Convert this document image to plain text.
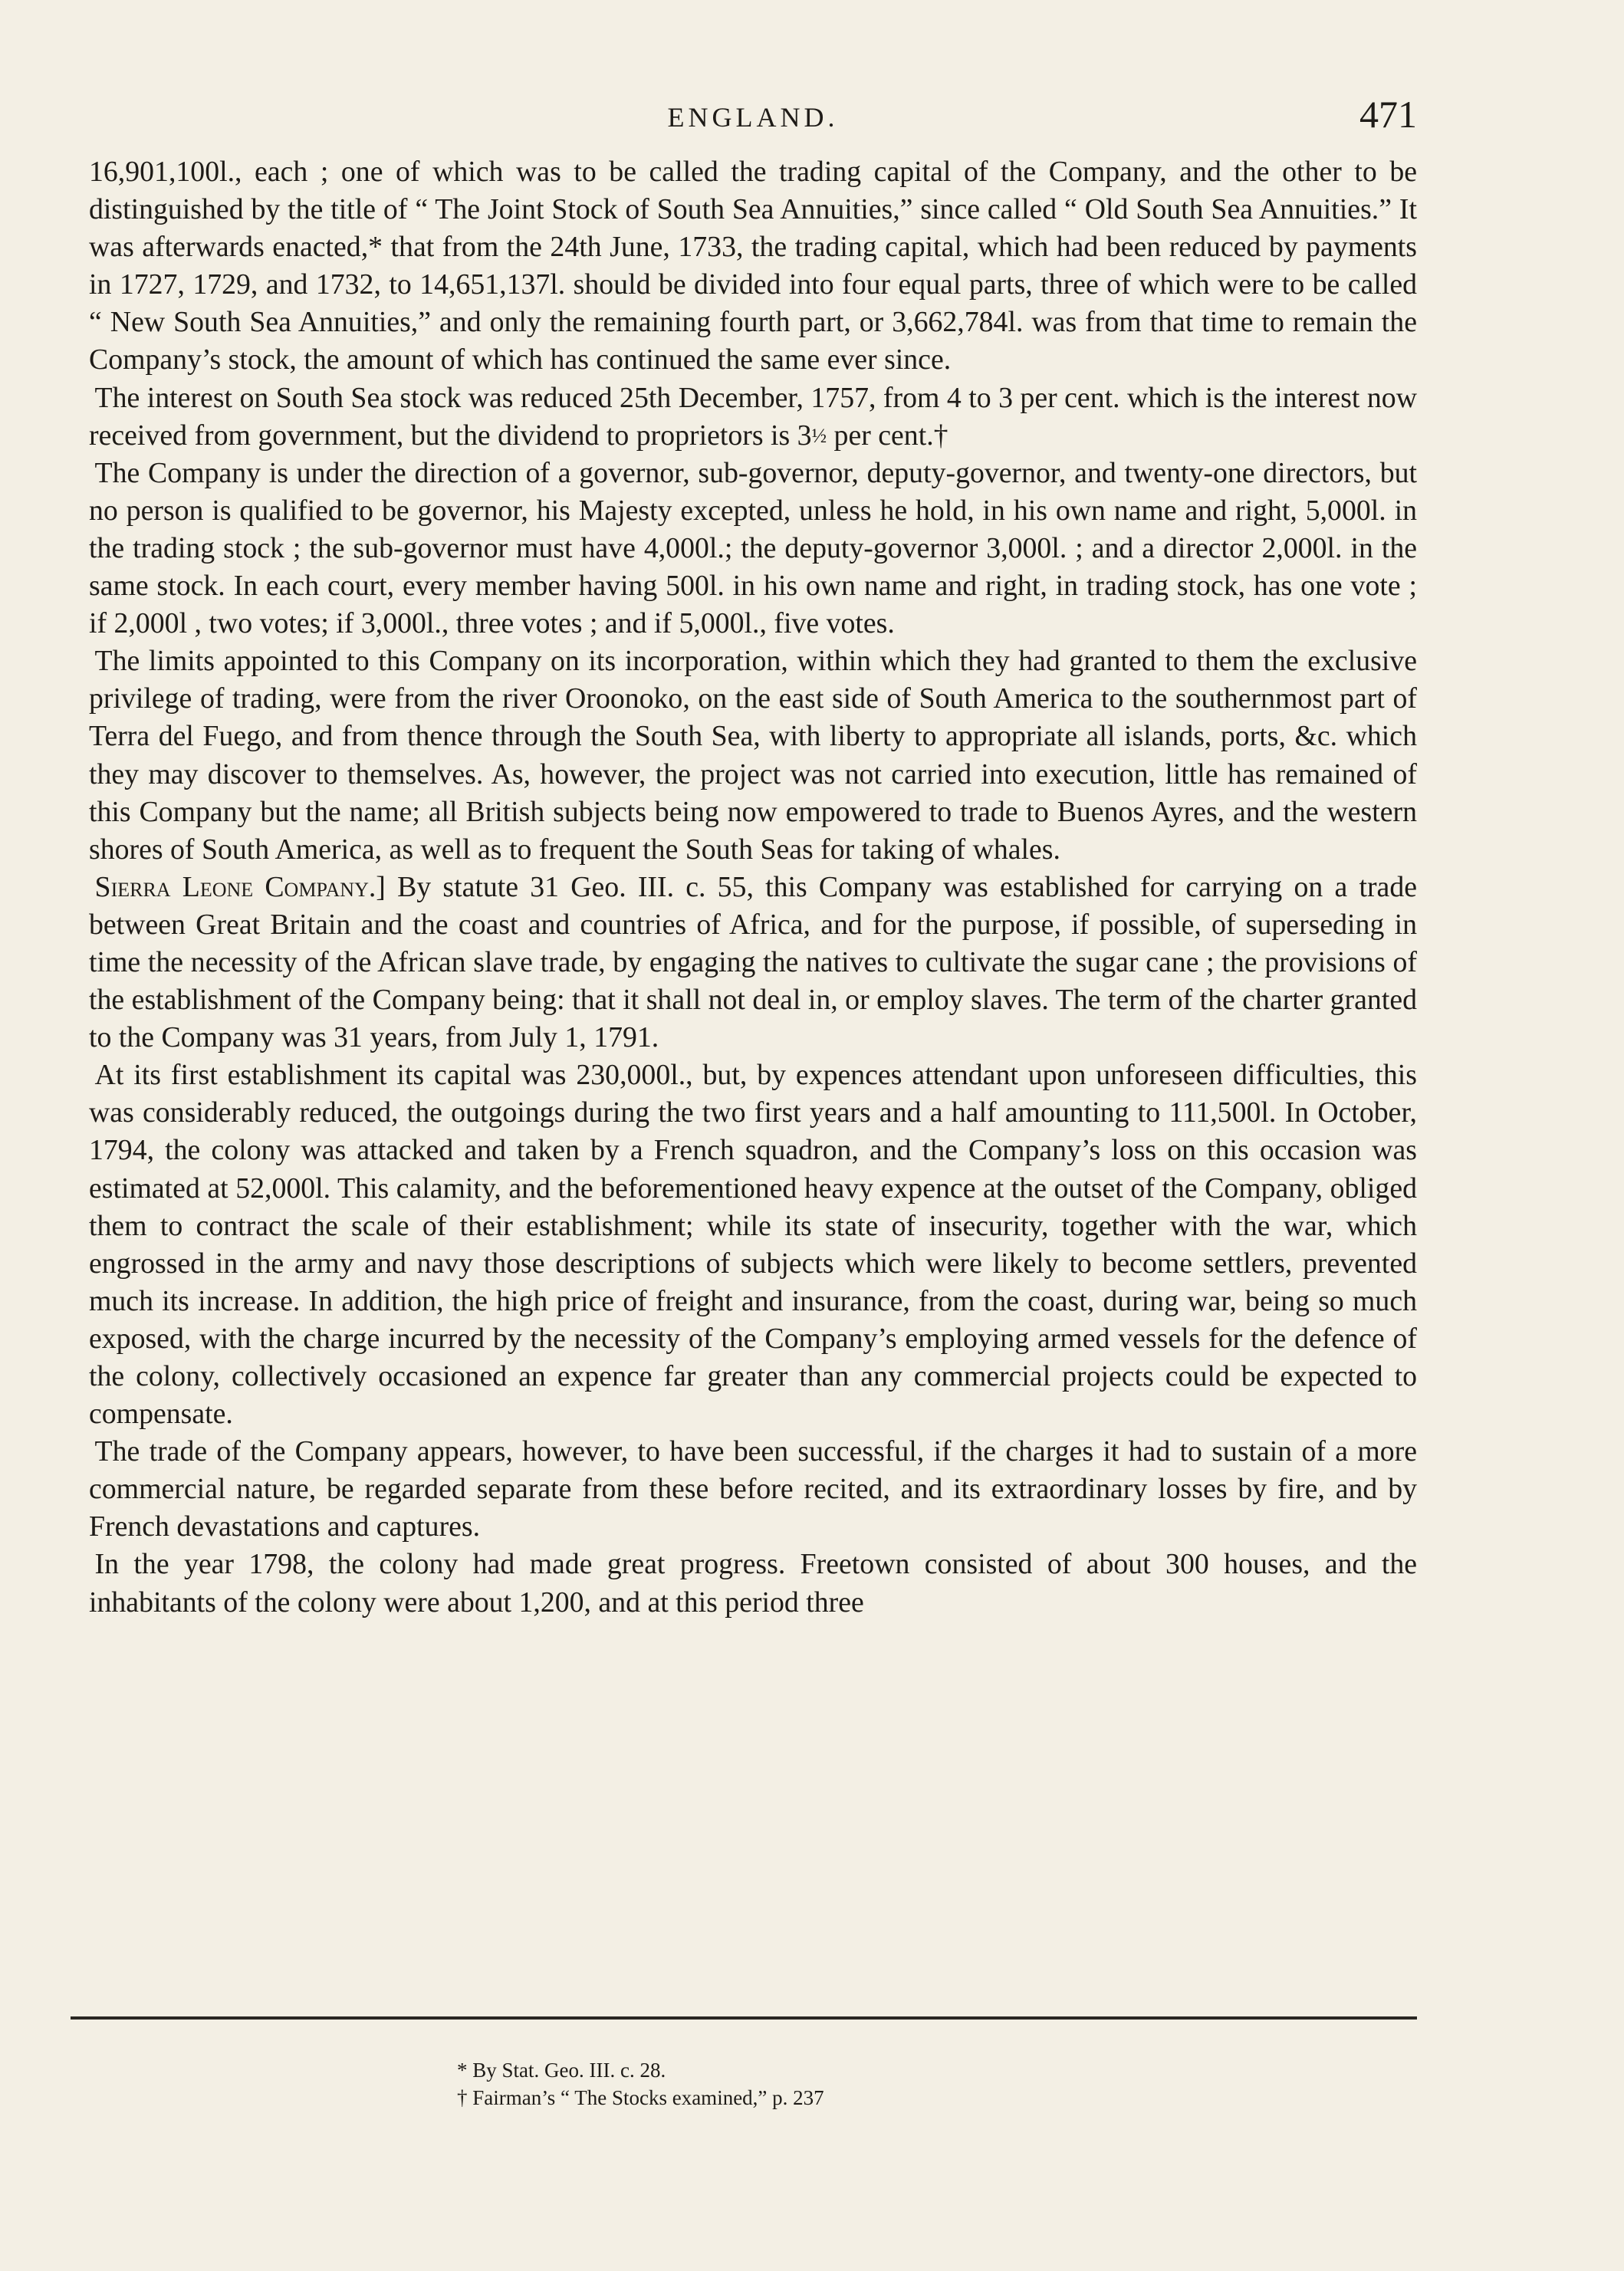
ENGLAND.	471

16,901,100l., each ; one of which was to be called the trading capital of the Company, and the other to be distinguished by the title of “ The Joint Stock of South Sea Annuities,” since called “ Old South Sea Annuities.” It was afterwards enacted,* that from the 24th June, 1733, the trading capital, which had been reduced by payments in 1727, 1729, and 1732, to 14,651,137l. should be divided into four equal parts, three of which were to be called “ New South Sea Annuities,” and only the remaining fourth part, or 3,662,784l. was from that time to remain the Company’s stock, the amount of which has continued the same ever since.

The interest on South Sea stock was reduced 25th December, 1757, from 4 to 3 per cent. which is the interest now received from government, but the dividend to proprietors is 3½ per cent.†

The Company is under the direction of a governor, sub-governor, deputy-governor, and twenty-one directors, but no person is qualified to be governor, his Majesty excepted, unless he hold, in his own name and right, 5,000l. in the trading stock ; the sub-governor must have 4,000l.; the deputy-governor 3,000l. ; and a director 2,000l. in the same stock. In each court, every member having 500l. in his own name and right, in trading stock, has one vote ; if 2,000l , two votes; if 3,000l., three votes ; and if 5,000l., five votes.

The limits appointed to this Company on its incorporation, within which they had granted to them the exclusive privilege of trading, were from the river Oroonoko, on the east side of South America to the southernmost part of Terra del Fuego, and from thence through the South Sea, with liberty to appropriate all islands, ports, &c. which they may discover to themselves. As, however, the project was not carried into execution, little has remained of this Company but the name; all British subjects being now empowered to trade to Buenos Ayres, and the western shores of South America, as well as to frequent the South Seas for taking of whales.

Sierra Leone Company.] By statute 31 Geo. III. c. 55, this Company was established for carrying on a trade between Great Britain and the coast and countries of Africa, and for the purpose, if possible, of superseding in time the necessity of the African slave trade, by engaging the natives to cultivate the sugar cane ; the provisions of the establishment of the Company being: that it shall not deal in, or employ slaves. The term of the charter granted to the Company was 31 years, from July 1, 1791.

At its first establishment its capital was 230,000l., but, by expences attendant upon unforeseen difficulties, this was considerably reduced, the outgoings during the two first years and a half amounting to 111,500l. In October, 1794, the colony was attacked and taken by a French squadron, and the Company’s loss on this occasion was estimated at 52,000l. This calamity, and the beforementioned heavy expence at the outset of the Company, obliged them to contract the scale of their establishment; while its state of insecurity, together with the war, which engrossed in the army and navy those descriptions of subjects which were likely to become settlers, prevented much its increase. In addition, the high price of freight and insurance, from the coast, during war, being so much exposed, with the charge incurred by the necessity of the Company’s employing armed vessels for the defence of the colony, collectively occasioned an expence far greater than any commercial projects could be expected to compensate.

The trade of the Company appears, however, to have been successful, if the charges it had to sustain of a more commercial nature, be regarded separate from these before recited, and its extraordinary losses by fire, and by French devastations and captures.

In the year 1798, the colony had made great progress. Freetown consisted of about 300 houses, and the inhabitants of the colony were about 1,200, and at this period three

* By Stat. Geo. III. c. 28.

† Fairman’s “ The Stocks examined,” p. 237
